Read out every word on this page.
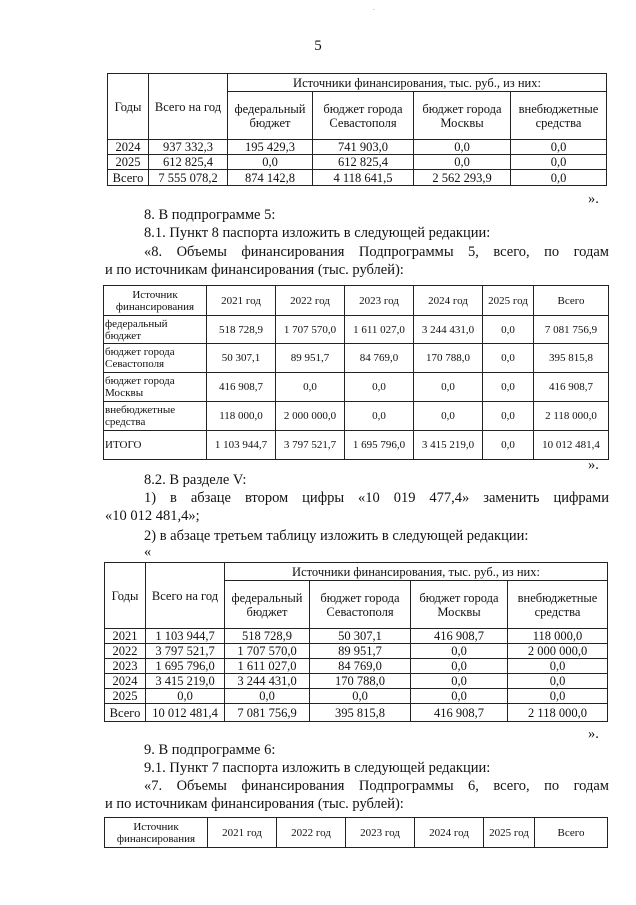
.
5
Годы	Всего на год	Источники финансирования, тыс. руб., из них:			
		федеральный бюджет	бюджет города Севастополя	бюджет города Москвы	внебюджетные средства
2024	937 332,3	195 429,3	741 903,0	0,0	0,0
2025	612 825,4	0,0	612 825,4	0,0	0,0
Всего	7 555 078,2	874 142,8	4 118 641,5	2 562 293,9	0,0
».
8. В подпрограмме 5:
8.1. Пункт 8 паспорта изложить в следующей редакции:
«8. Объемы финансирования Подпрограммы 5, всего, по годам
и по источникам финансирования (тыс. рублей):
Источник финансирования	2021 год	2022 год	2023 год	2024 год	2025 год	Всего
федеральный бюджет	518 728,9	1 707 570,0	1 611 027,0	3 244 431,0	0,0	7 081 756,9
бюджет города Севастополя	50 307,1	89 951,7	84 769,0	170 788,0	0,0	395 815,8
бюджет города Москвы	416 908,7	0,0	0,0	0,0	0,0	416 908,7
внебюджетные средства	118 000,0	2 000 000,0	0,0	0,0	0,0	2 118 000,0
ИТОГО	1 103 944,7	3 797 521,7	1 695 796,0	3 415 219,0	0,0	10 012 481,4
».
8.2. В разделе V:
1) в абзаце втором цифры «10 019 477,4» заменить цифрами
«10 012 481,4»;
2) в абзаце третьем таблицу изложить в следующей редакции:
«
Годы	Всего на год	Источники финансирования, тыс. руб., из них:			
		федеральный бюджет	бюджет города Севастополя	бюджет города Москвы	внебюджетные средства
2021	1 103 944,7	518 728,9	50 307,1	416 908,7	118 000,0
2022	3 797 521,7	1 707 570,0	89 951,7	0,0	2 000 000,0
2023	1 695 796,0	1 611 027,0	84 769,0	0,0	0,0
2024	3 415 219,0	3 244 431,0	170 788,0	0,0	0,0
2025	0,0	0,0	0,0	0,0	0,0
Всего	10 012 481,4	7 081 756,9	395 815,8	416 908,7	2 118 000,0
».
9. В подпрограмме 6:
9.1. Пункт 7 паспорта изложить в следующей редакции:
«7. Объемы финансирования Подпрограммы 6, всего, по годам
и по источникам финансирования (тыс. рублей):
Источник финансирования	2021 год	2022 год	2023 год	2024 год	2025 год	Всего
